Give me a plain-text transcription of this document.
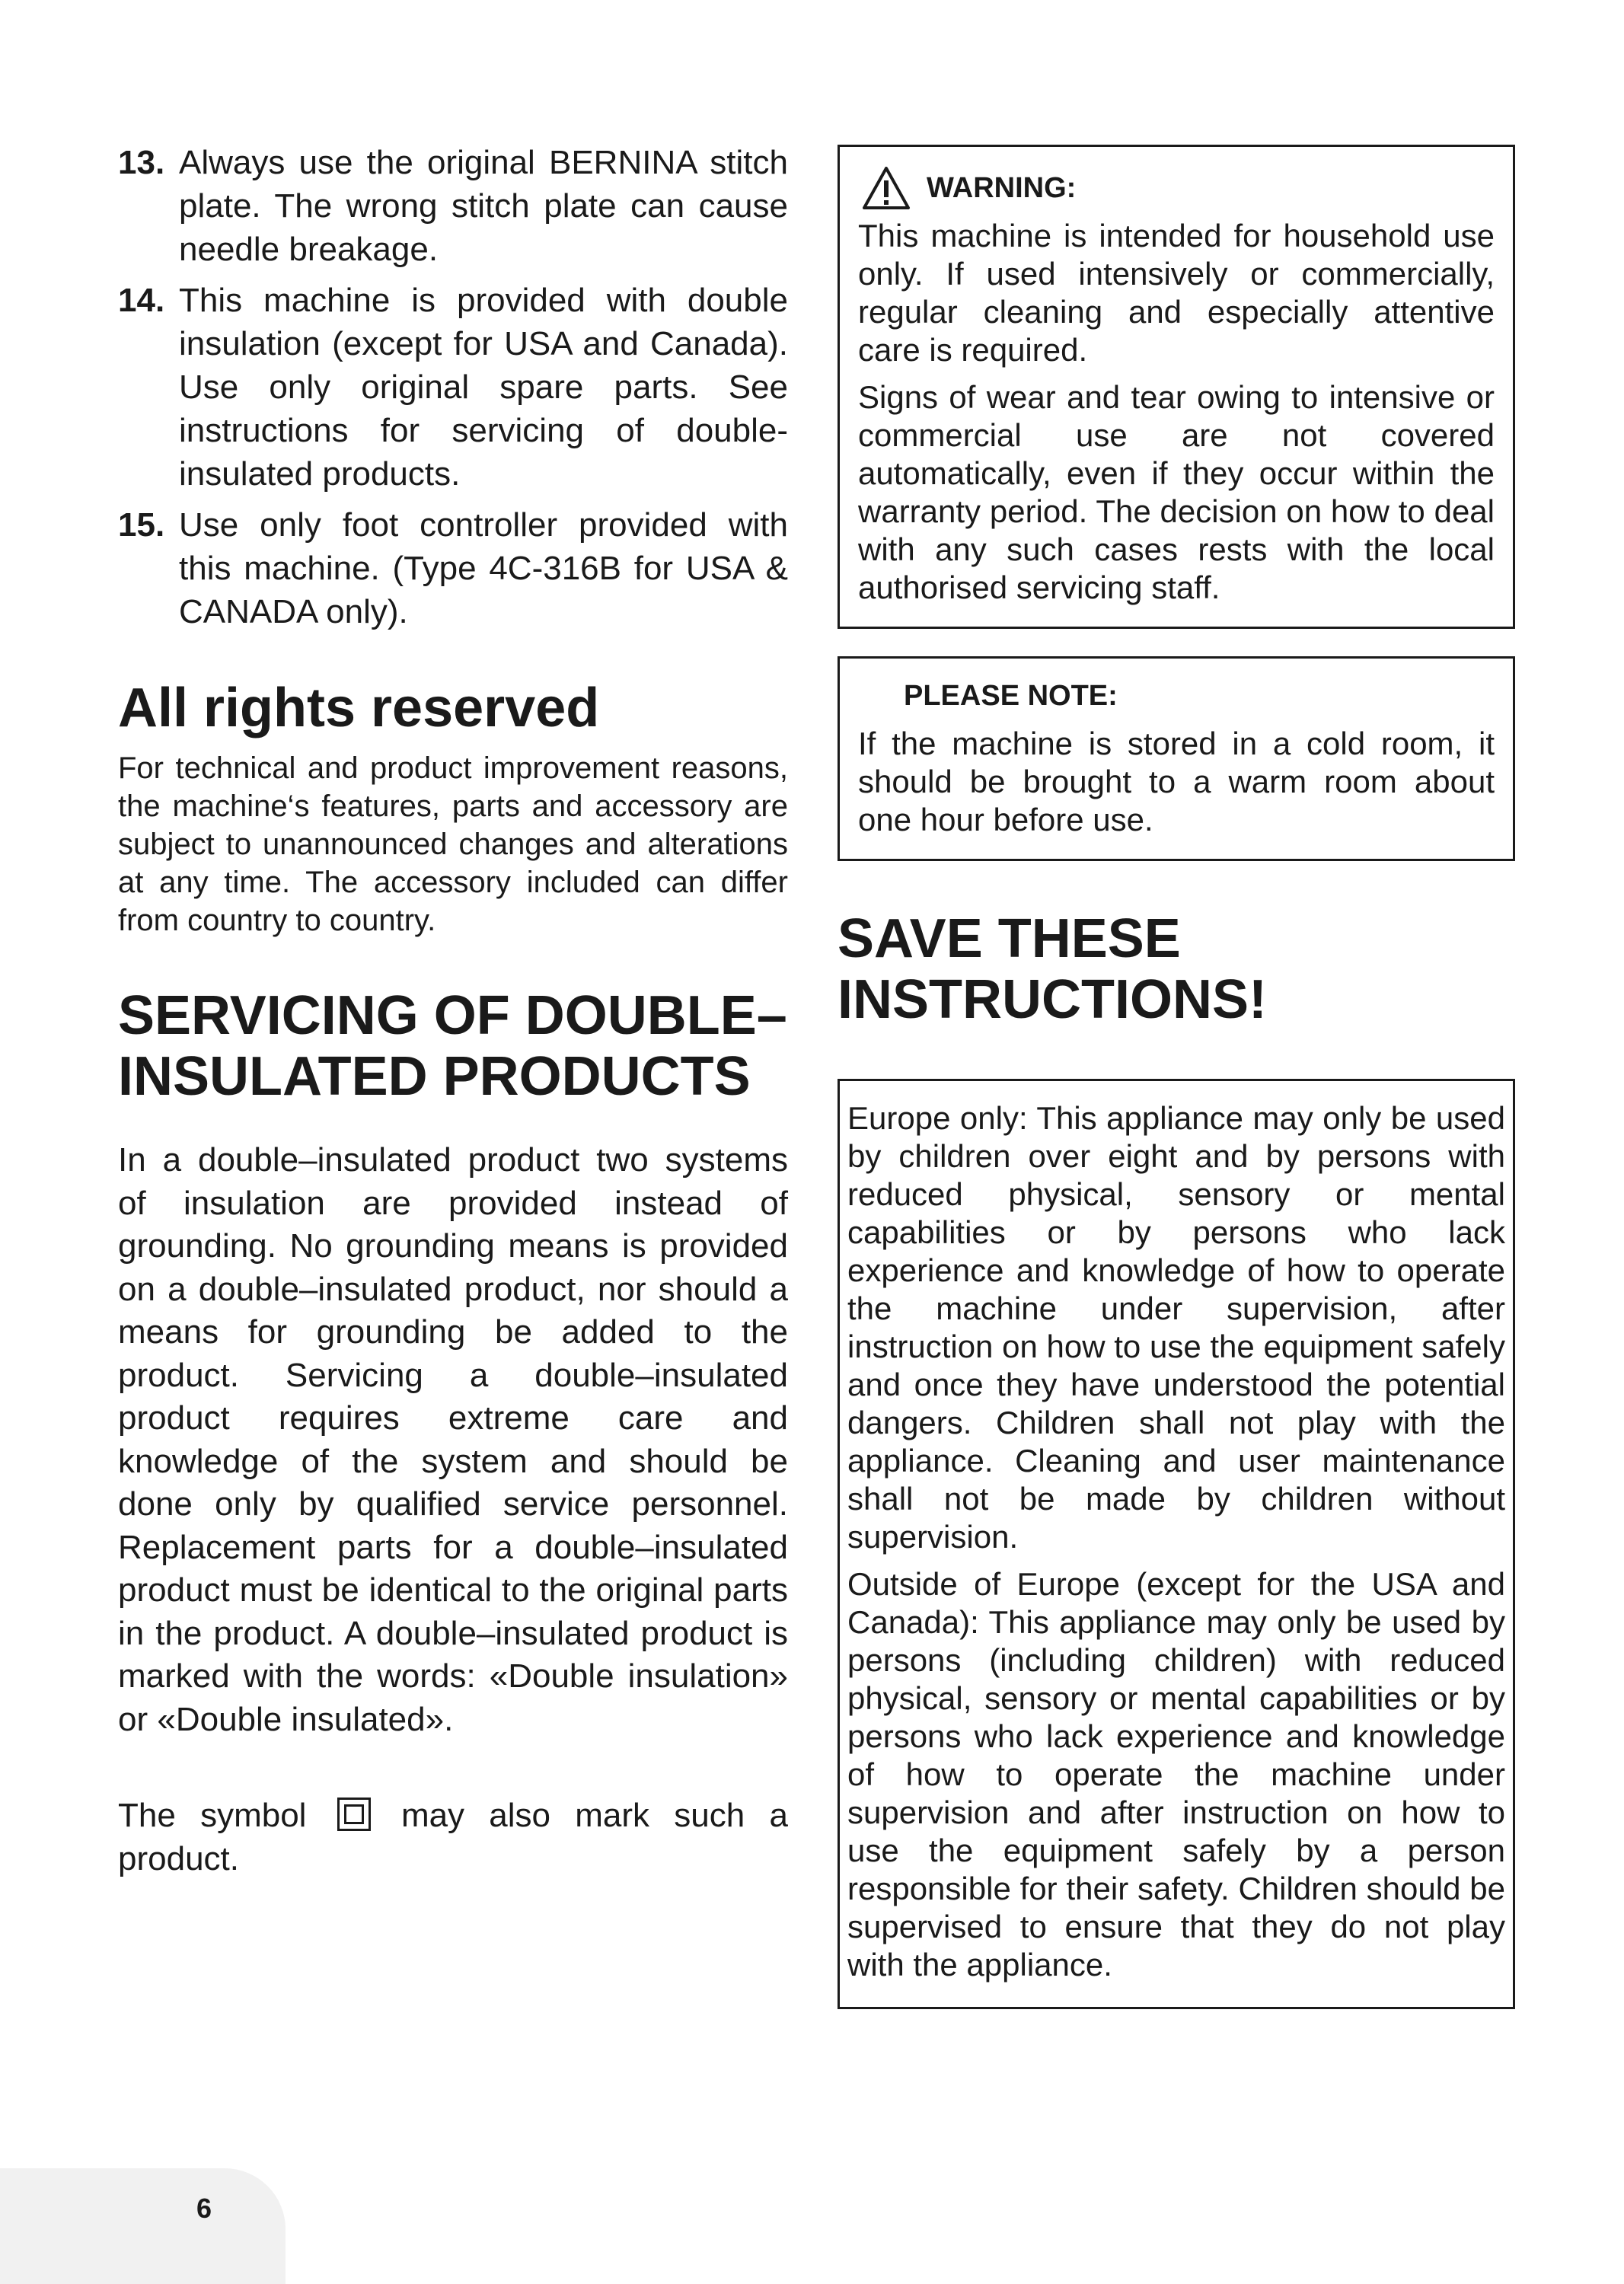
13. Always use the original BERNINA stitch plate. The wrong stitch plate can cause needle breakage.
14. This machine is provided with double insulation (except for USA and Canada). Use only original spare parts. See instructions for servicing of double-insulated products.
15. Use only foot controller provided with this machine. (Type 4C-316B for USA & CANADA only).
All rights reserved

For technical and product improvement reasons, the machine‘s features, parts and accessory are subject to unannounced changes and alterations at any time. The accessory included can differ from country to country.

SERVICING OF DOUBLE–INSULATED PRODUCTS

In a double–insulated product two systems of insulation are provided instead of grounding. No grounding means is provided on a double–insulated product, nor should a means for grounding be added to the product. Servicing a double–insulated product requires extreme care and knowledge of the system and should be done only by qualified service personnel. Replacement parts for a double–insulated product must be identical to the original parts in the product. A double–insulated product is marked with the words: «Double insulation» or «Double insulated».

The symbol	may also mark such a product.

WARNING:

This machine is intended for household use only. If used intensively or commercially, regular cleaning and especially attentive care is required.

Signs of wear and tear owing to intensive or commercial use are not covered automatically, even if they occur within the warranty period. The decision on how to deal with any such cases rests with the local authorised servicing staff.

PLEASE NOTE:

If the machine is stored in a cold room, it should be brought to a warm room about one hour before use.

SAVE THESE INSTRUCTIONS!

Europe only: This appliance may only be used by children over eight and by persons with reduced physical, sensory or mental capabilities or by persons who lack experience and knowledge of how to operate the machine under supervision, after instruction on how to use the equipment safely and once they have understood the potential dangers. Children shall not play with the appliance. Cleaning and user maintenance shall not be made by children without supervision.

Outside of Europe (except for the USA and Canada): This appliance may only be used by persons (including children) with reduced physical, sensory or mental capabilities or by persons who lack experience and knowledge of how to operate the machine under supervision and after instruction on how to use the equipment safely by a person responsible for their safety. Children should be supervised to ensure that they do not play with the appliance.

6
